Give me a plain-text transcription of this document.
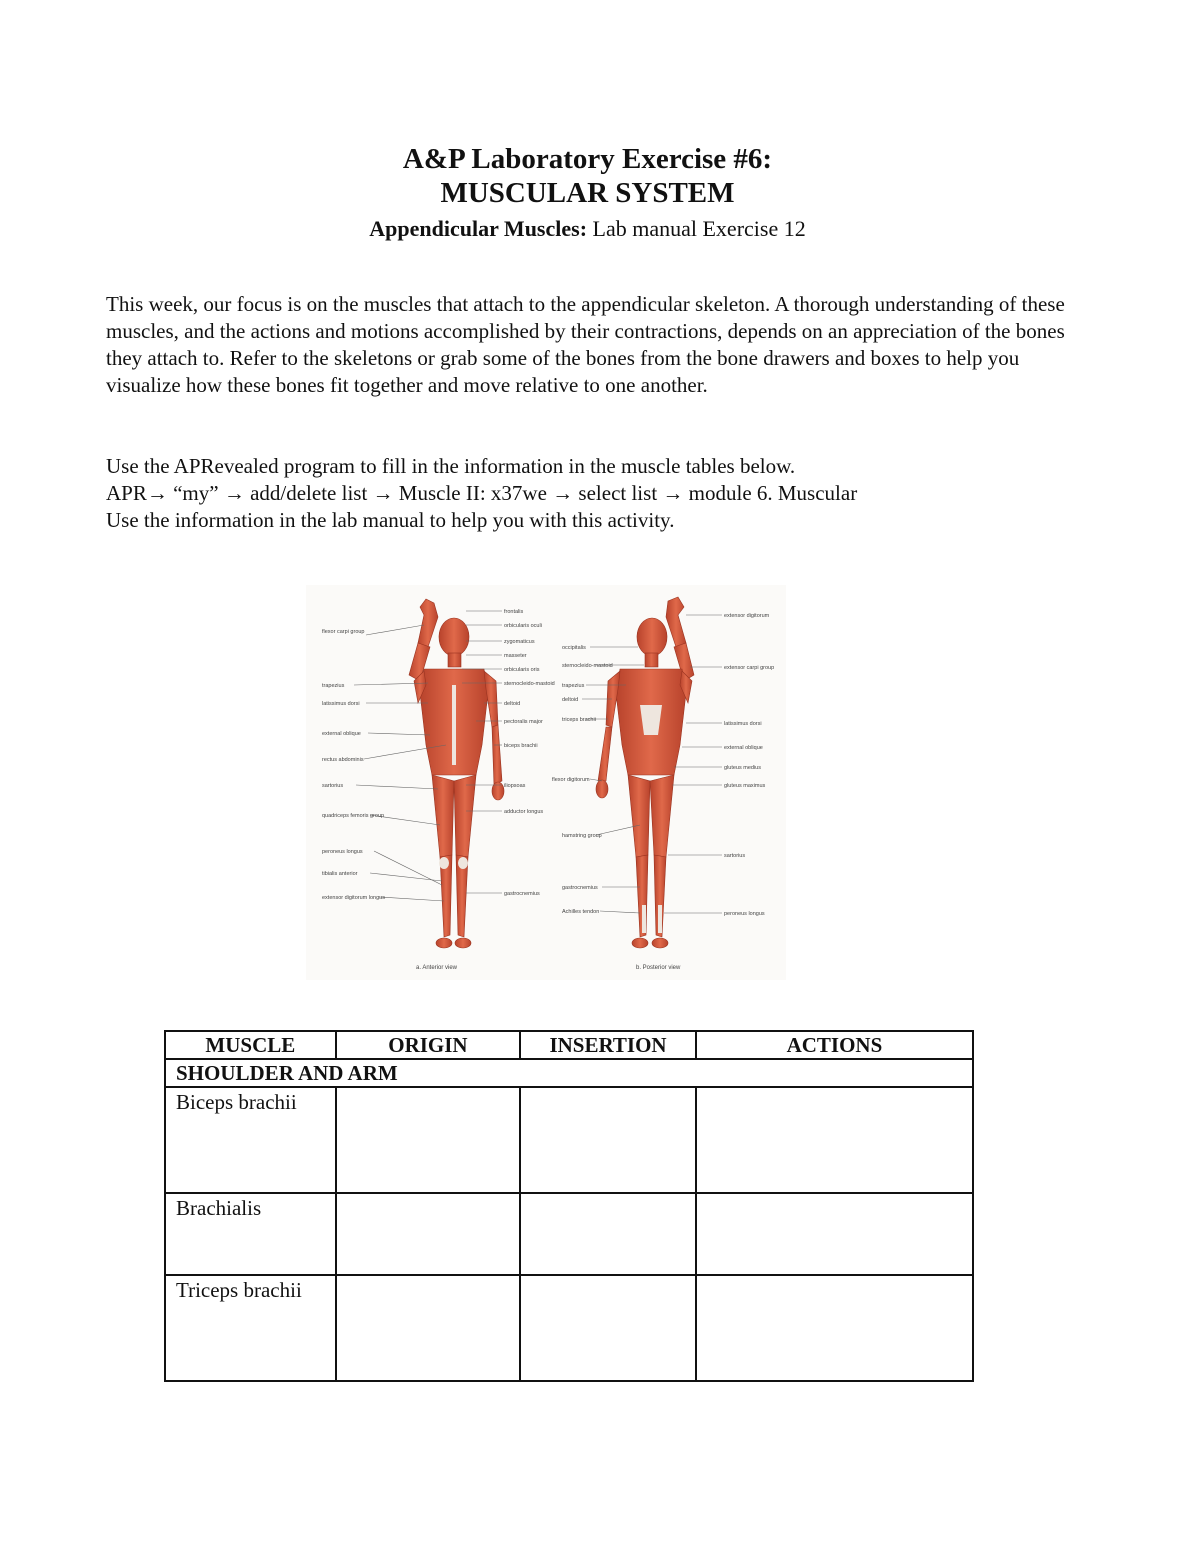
A&P Laboratory Exercise #6:
MUSCULAR SYSTEM
Appendicular Muscles: Lab manual Exercise 12

This week, our focus is on the muscles that attach to the appendicular skeleton. A thorough understanding of these muscles, and the actions and motions accomplished by their contractions, depends on an appreciation of the bones they attach to. Refer to the skeletons or grab some of the bones from the bone drawers and boxes to help you visualize how these bones fit together and move relative to one another.

Use the APRevealed program to fill in the information in the muscle tables below.

APR→ “my” → add/delete list → Muscle II: x37we → select list → module 6. Muscular

Use the information in the lab manual to help you with this activity.

flexor carpi group
trapezius
latissimus dorsi
external oblique
rectus abdominis
sartorius
quadriceps femoris group
peroneus longus
tibialis anterior
extensor digitorum longus
frontalis
orbicularis oculi
zygomaticus
masseter
orbicularis oris
sternocleido-mastoid
deltoid
pectoralis major
biceps brachii
iliopsoas
adductor longus
gastrocnemius
occipitalis
sternocleido-mastoid
trapezius
deltoid
triceps brachii
flexor digitorum
hamstring group
gastrocnemius
Achilles tendon
extensor digitorum
extensor carpi group
latissimus dorsi
external oblique
gluteus medius
gluteus maximus
sartorius
peroneus longus
a. Anterior view	b. Posterior view
MUSCLE	ORIGIN	INSERTION	ACTIONS
SHOULDER AND ARM			
Biceps brachii			
Brachialis			
Triceps brachii			
